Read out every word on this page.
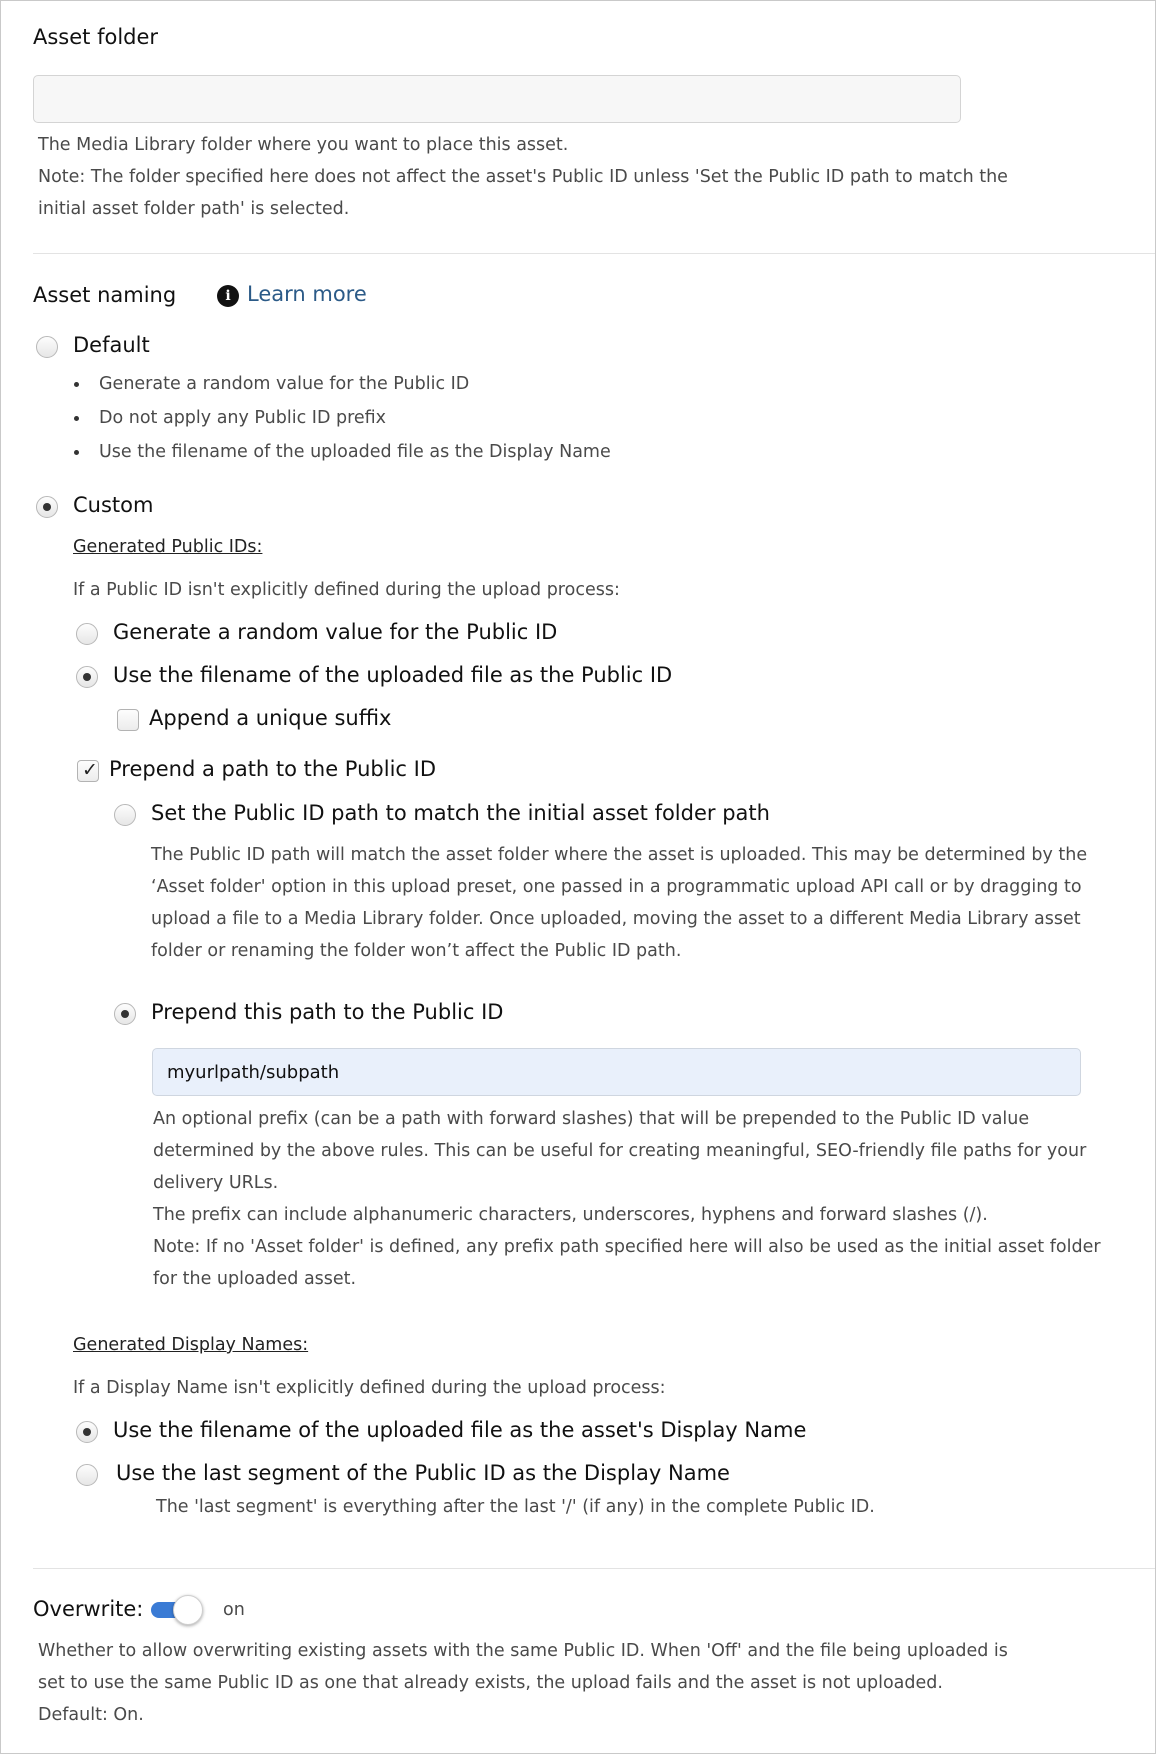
Asset folder
The Media Library folder where you want to place this asset.
Note: The folder specified here does not affect the asset's Public ID unless 'Set the Public ID path to match the
initial asset folder path' is selected.
Asset naming	i Learn more
Default
Generate a random value for the Public ID
Do not apply any Public ID prefix
Use the filename of the uploaded file as the Display Name
Custom
Generated Public IDs:
If a Public ID isn't explicitly defined during the upload process:
Generate a random value for the Public ID
Use the filename of the uploaded file as the Public ID
Append a unique suffix
✓ Prepend a path to the Public ID
Set the Public ID path to match the initial asset folder path
The Public ID path will match the asset folder where the asset is uploaded. This may be determined by the
‘Asset folder' option in this upload preset, one passed in a programmatic upload API call or by dragging to
upload a file to a Media Library folder. Once uploaded, moving the asset to a different Media Library asset
folder or renaming the folder won’t affect the Public ID path.
Prepend this path to the Public ID
myurlpath/subpath
An optional prefix (can be a path with forward slashes) that will be prepended to the Public ID value
determined by the above rules. This can be useful for creating meaningful, SEO-friendly file paths for your
delivery URLs.
The prefix can include alphanumeric characters, underscores, hyphens and forward slashes (/).
Note: If no 'Asset folder' is defined, any prefix path specified here will also be used as the initial asset folder
for the uploaded asset.
Generated Display Names:
If a Display Name isn't explicitly defined during the upload process:
Use the filename of the uploaded file as the asset's Display Name
Use the last segment of the Public ID as the Display Name
The 'last segment' is everything after the last '/' (if any) in the complete Public ID.
Overwrite:	on
Whether to allow overwriting existing assets with the same Public ID. When 'Off' and the file being uploaded is
set to use the same Public ID as one that already exists, the upload fails and the asset is not uploaded.
Default: On.
